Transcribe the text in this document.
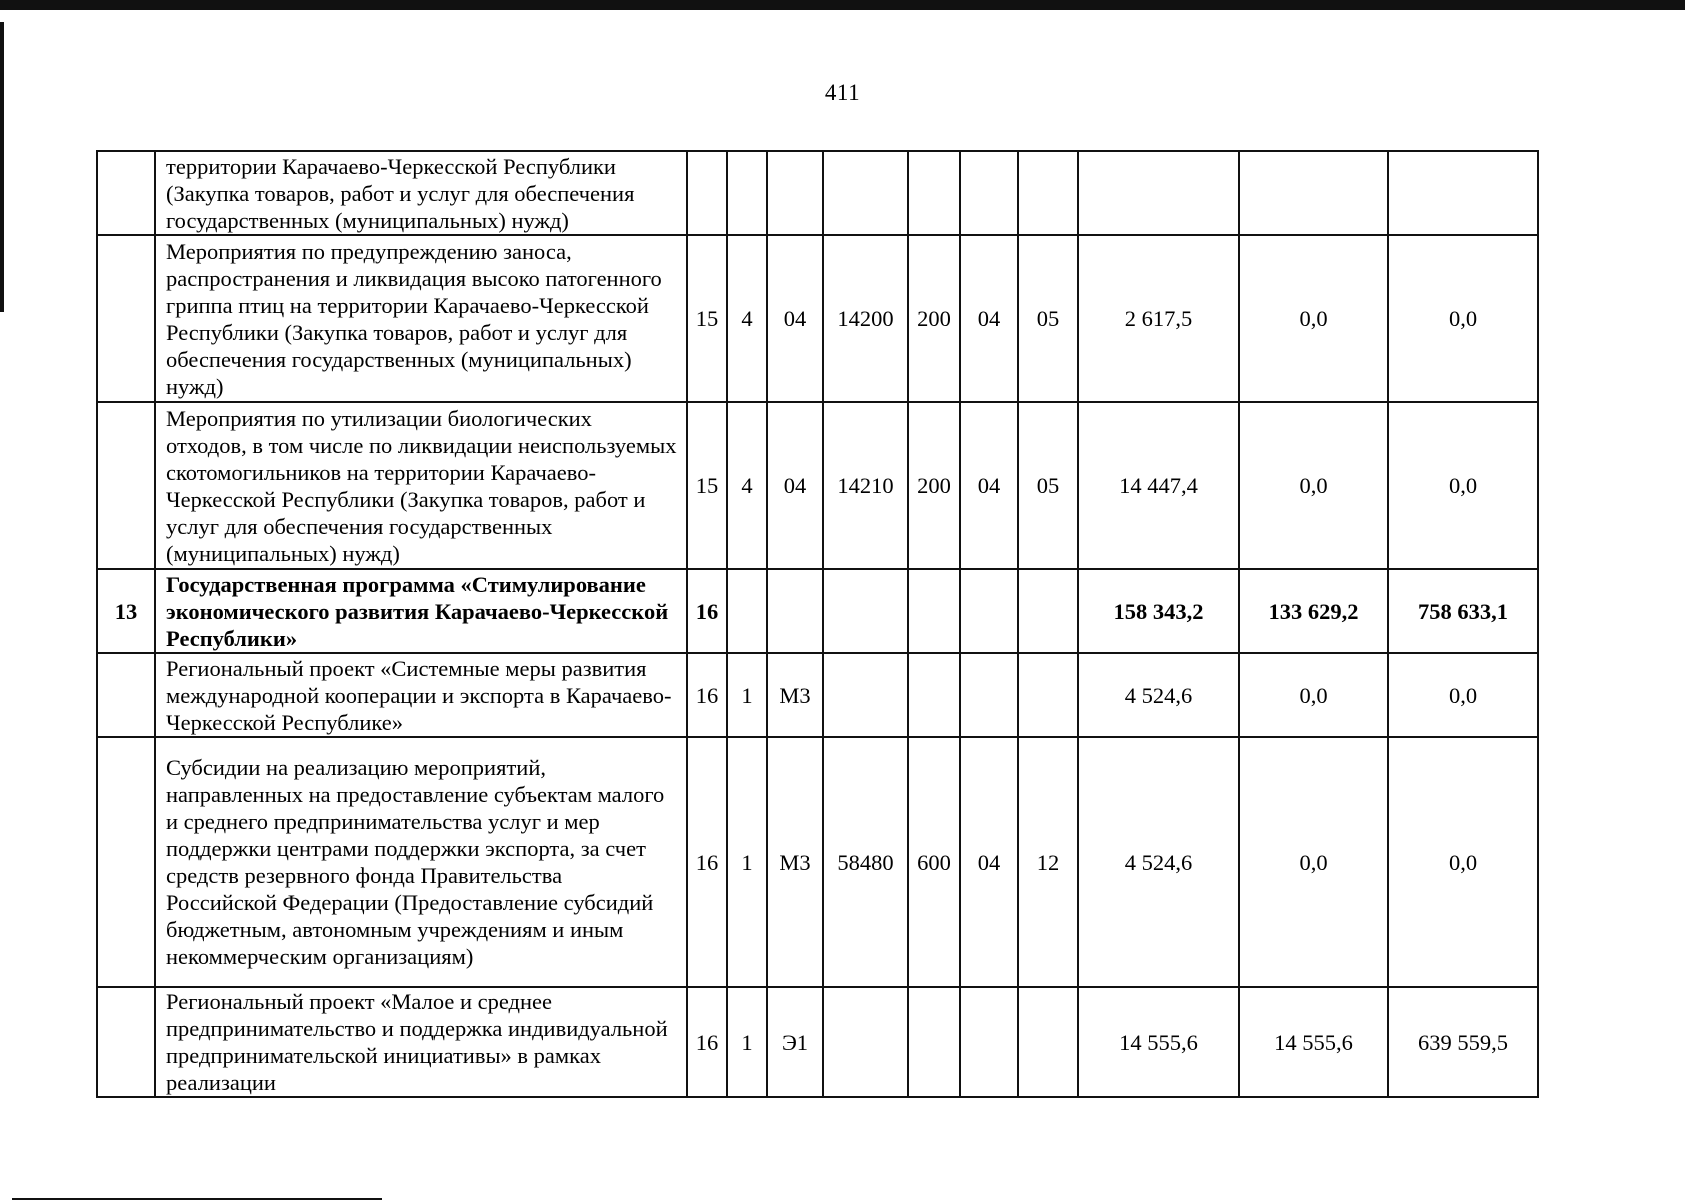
411
	территории Карачаево-Черкесской Республики (Закупка товаров, работ и услуг для обеспечения государственных (муниципальных) нужд)										
	Мероприятия по предупреждению заноса, распространения и ликвидация высоко патогенного гриппа птиц на территории Карачаево-Черкесской Республики (Закупка товаров, работ и услуг для обеспечения государственных (муниципальных) нужд)	15	4	04	14200	200	04	05	2 617,5	0,0	0,0
	Мероприятия по утилизации биологических отходов, в том числе по ликвидации неиспользуемых скотомогильников на территории Карачаево-Черкесской Республики (Закупка товаров, работ и услуг для обеспечения государственных (муниципальных) нужд)	15	4	04	14210	200	04	05	14 447,4	0,0	0,0
13	Государственная программа «Стимулирование экономического развития Карачаево-Черкесской Республики»	16							158 343,2	133 629,2	758 633,1
	Региональный проект «Системные меры развития международной кооперации и экспорта в Карачаево-Черкесской Республике»	16	1	М3					4 524,6	0,0	0,0
	Субсидии на реализацию мероприятий, направленных на предоставление субъектам малого и среднего предпринимательства услуг и мер поддержки центрами поддержки экспорта, за счет средств резервного фонда Правительства Российской Федерации (Предоставление субсидий бюджетным, автономным учреждениям и иным некоммерческим организациям)	16	1	М3	58480	600	04	12	4 524,6	0,0	0,0
	Региональный проект «Малое и среднее предпринимательство и поддержка индивидуальной предпринимательской инициативы» в рамках реализации	16	1	Э1					14 555,6	14 555,6	639 559,5
